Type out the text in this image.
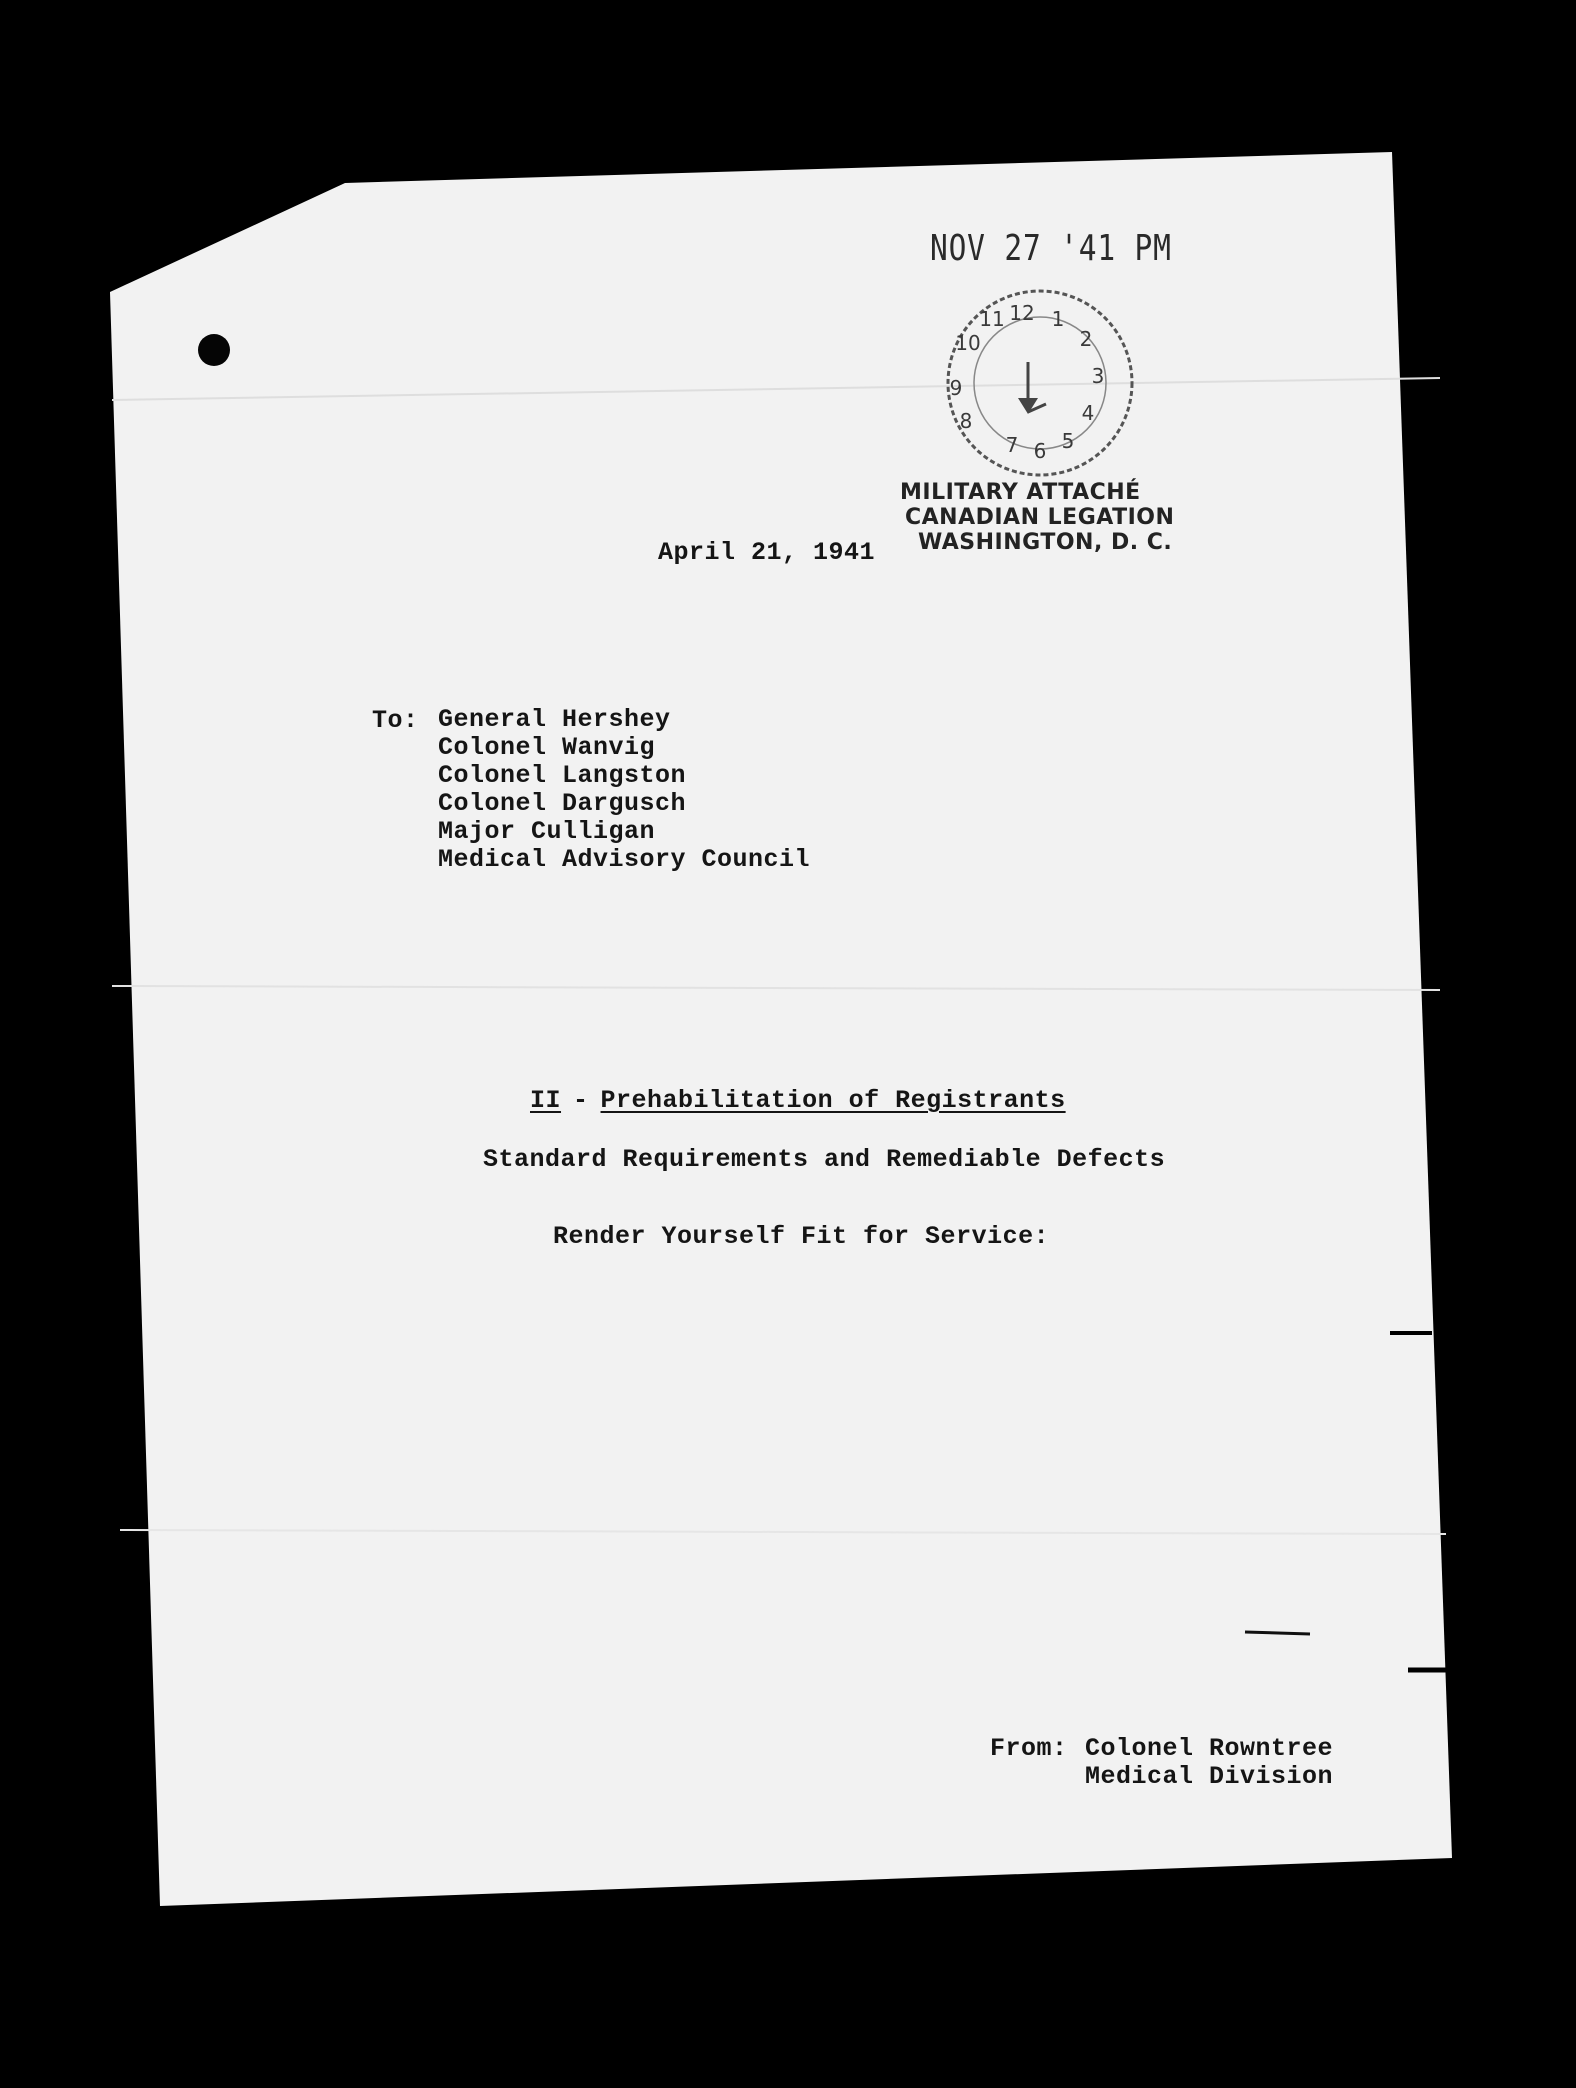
12 1
2
3
4
5
6
7
8
9
10
11
NOV 27 '41 PM
MILITARY ATTACHÉ
CANADIAN LEGATION
WASHINGTON, D. C.
April 21, 1941
To: General Hershey
Colonel Wanvig
Colonel Langston
Colonel Dargusch
Major Culligan
Medical Advisory Council
II - Prehabilitation of Registrants
Standard Requirements and Remediable Defects
Render Yourself Fit for Service:
From: Colonel Rowntree
Medical Division
